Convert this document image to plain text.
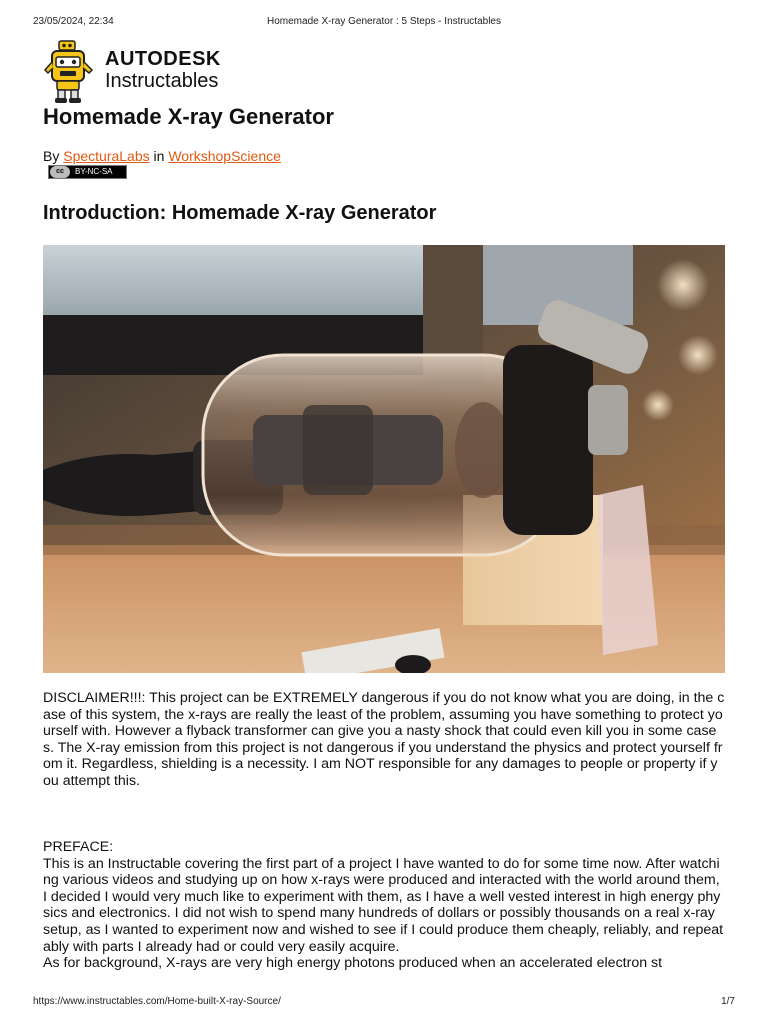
23/05/2024, 22:34	Homemade X-ray Generator : 5 Steps - Instructables
AUTODESK
Instructables
Homemade X-ray Generator
By SpecturaLabs in WorkshopScience
cc	BY-NC-SA
Introduction: Homemade X-ray Generator
DISCLAIMER!!!: This project can be EXTREMELY dangerous if you do not know what you are doing, in the case of this system, the x-rays are really the least of the problem, assuming you have something to protect yourself with. However a flyback transformer can give you a nasty shock that could even kill you in some cases. The X-ray emission from this project is not dangerous if you understand the physics and protect yourself from it. Regardless, shielding is a necessity. I am NOT responsible for any damages to people or property if you attempt this.
PREFACE:
This is an Instructable covering the first part of a project I have wanted to do for some time now. After watching various videos and studying up on how x-rays were produced and interacted with the world around them, I decided I would very much like to experiment with them, as I have a well vested interest in high energy physics and electronics. I did not wish to spend many hundreds of dollars or possibly thousands on a real x-ray setup, as I wanted to experiment now and wished to see if I could produce them cheaply, reliably, and repeatably with parts I already had or could very easily acquire.
As for background, X-rays are very high energy photons produced when an accelerated electron st
https://www.instructables.com/Home-built-X-ray-Source/	1/7
